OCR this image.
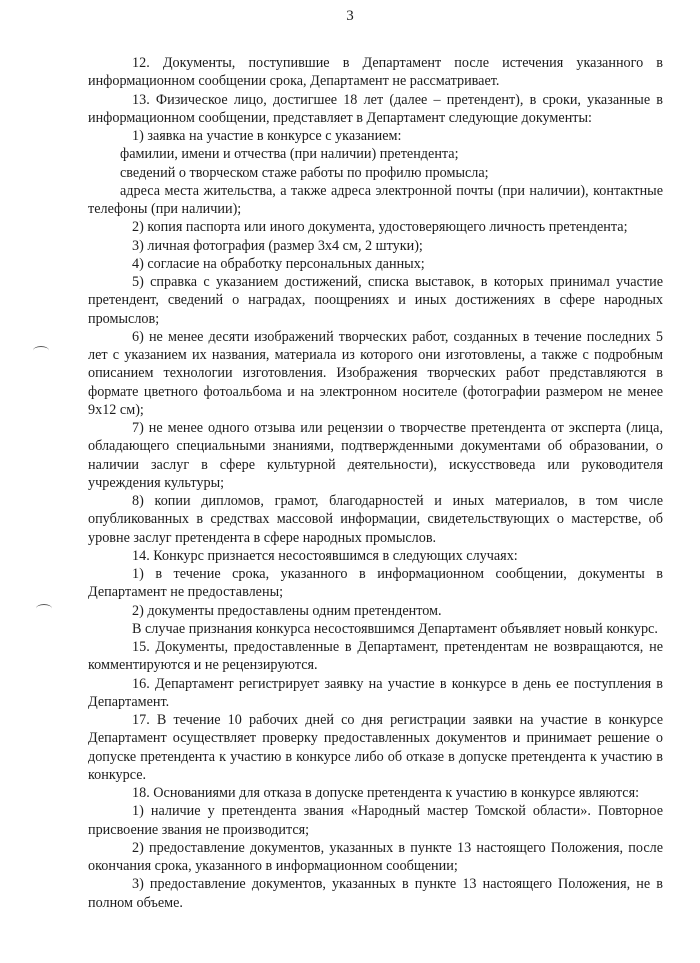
3

12. Документы, поступившие в Департамент после истечения указанного в информационном сообщении срока, Департамент не рассматривает.

13. Физическое лицо, достигшее 18 лет (далее – претендент), в сроки, указанные в информационном сообщении, представляет в Департамент следующие документы:

1) заявка на участие в конкурсе с указанием:

фамилии, имени и отчества (при наличии) претендента;

сведений о творческом стаже работы по профилю промысла;

адреса места жительства, а также адреса электронной почты (при наличии), контактные телефоны (при наличии);

2) копия паспорта или иного документа, удостоверяющего личность претендента;

3) личная фотография (размер 3х4 см, 2 штуки);

4) согласие на обработку персональных данных;

5) справка с указанием достижений, списка выставок, в которых принимал участие претендент, сведений о наградах, поощрениях и иных достижениях в сфере народных промыслов;

6) не менее десяти изображений творческих работ, созданных в течение последних 5 лет с указанием их названия, материала из которого они изготовлены, а также с подробным описанием технологии изготовления. Изображения творческих работ представляются в формате цветного фотоальбома и на электронном носителе (фотографии размером не менее 9х12 см);

7) не менее одного отзыва или рецензии о творчестве претендента от эксперта (лица, обладающего специальными знаниями, подтвержденными документами об образовании, о наличии заслуг в сфере культурной деятельности), искусствоведа или руководителя учреждения культуры;

8) копии дипломов, грамот, благодарностей и иных материалов, в том числе опубликованных в средствах массовой информации, свидетельствующих о мастерстве, об уровне заслуг претендента в сфере народных промыслов.

14. Конкурс признается несостоявшимся в следующих случаях:

1) в течение срока, указанного в информационном сообщении, документы в Департамент не предоставлены;

2) документы предоставлены одним претендентом.

В случае признания конкурса несостоявшимся Департамент объявляет новый конкурс.

15. Документы, предоставленные в Департамент, претендентам не возвращаются, не комментируются и не рецензируются.

16. Департамент регистрирует заявку на участие в конкурсе в день ее поступления в Департамент.

17. В течение 10 рабочих дней со дня регистрации заявки на участие в конкурсе Департамент осуществляет проверку предоставленных документов и принимает решение о допуске претендента к участию в конкурсе либо об отказе в допуске претендента к участию в конкурсе.

18. Основаниями для отказа в допуске претендента к участию в конкурсе являются:

1) наличие у претендента звания «Народный мастер Томской области». Повторное присвоение звания не производится;

2) предоставление документов, указанных в пункте 13 настоящего Положения, после окончания срока, указанного в информационном сообщении;

3) предоставление документов, указанных в пункте 13 настоящего Положения, не в полном объеме.
